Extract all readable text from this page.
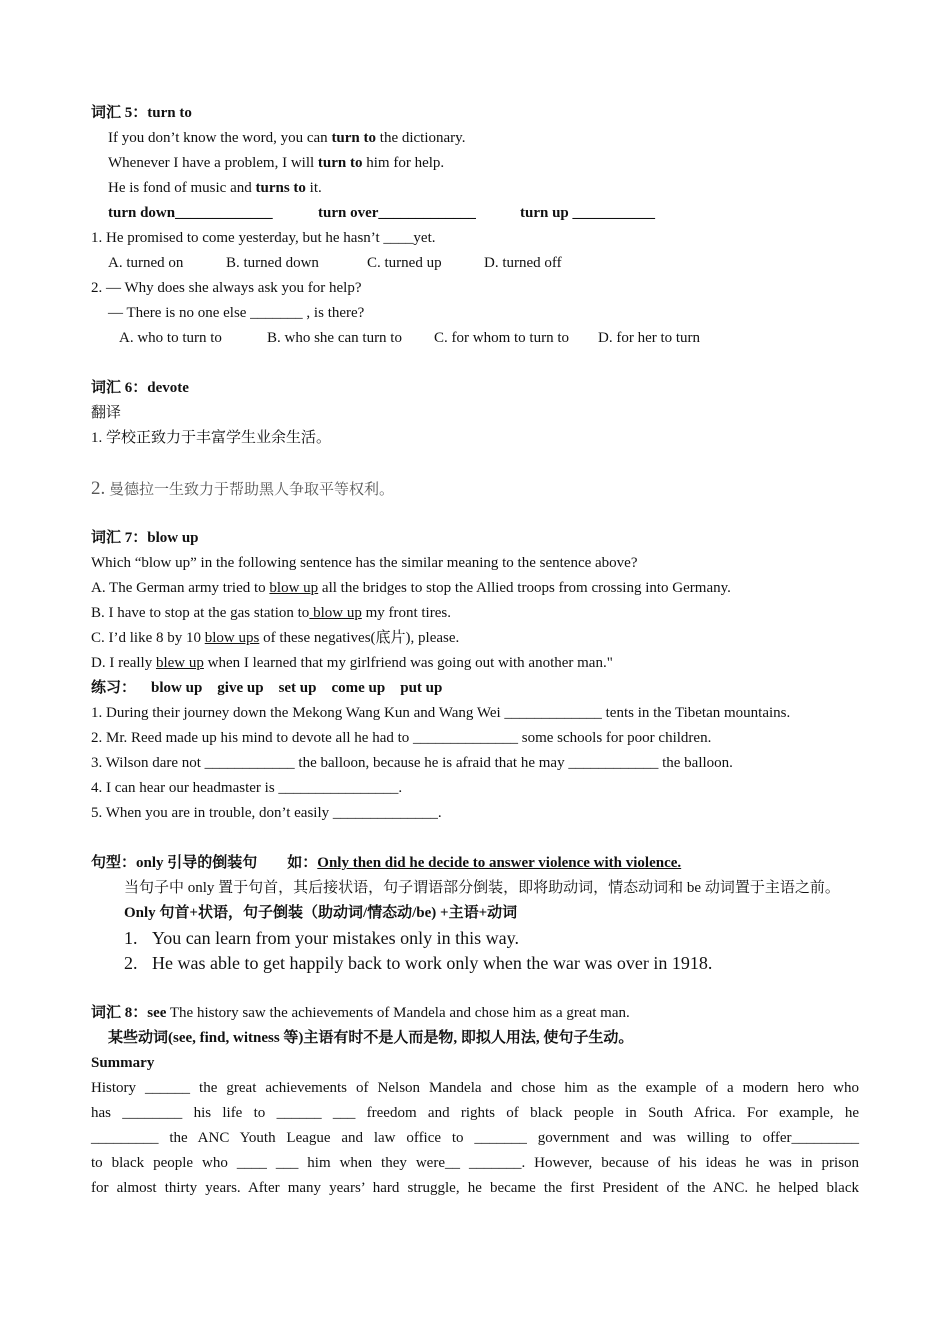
词汇 5：turn to
If you don’t know the word, you can turn to the dictionary.
Whenever I have a problem, I will turn to him for help.
He is fond of music and turns to it.
turn down_____________	turn over_____________	turn up ___________
1. He promised to come yesterday, but he hasn’t ____yet.
A. turned on	B. turned down	C. turned up	D. turned off
2. — Why does she always ask you for help?
— There is no one else _______ , is there?
A. who to turn to	B. who she can turn to C. for whom to turn to D. for her to turn
词汇 6：devote
翻译
1. 学校正致力于丰富学生业余生活。
2. 曼德拉一生致力于帮助黑人争取平等权利。
词汇 7：blow up
Which “blow up” in the following sentence has the similar meaning to the sentence above?
A. The German army tried to blow up all the bridges to stop the Allied troops from crossing into Germany.
B. I have to stop at the gas station to blow up my front tires.
C. I’d like 8 by 10 blow ups of these negatives(底片), please.
D. I really blew up when I learned that my girlfriend was going out with another man."
练习： blow up give up set up come up put up
1. During their journey down the Mekong Wang Kun and Wang Wei _____________ tents in the Tibetan mountains.
2. Mr. Reed made up his mind to devote all he had to ______________ some schools for poor children.
3. Wilson dare not ____________ the balloon, because he is afraid that he may ____________ the balloon.
4. I can hear our headmaster is ________________.
5. When you are in trouble, don’t easily ______________.
句型：only 引导的倒装句 如：Only then did he decide to answer violence with violence.
当句子中 only 置于句首，其后接状语，句子谓语部分倒装，即将助动词，情态动词和 be 动词置于主语之前。
Only 句首+状语，句子倒装（助动词/情态动/be) +主语+动词
1. You can learn from your mistakes only in this way.
2. He was able to get happily back to work only when the war was over in 1918.
词汇 8：see The history saw the achievements of Mandela and chose him as a great man.
某些动词(see, find, witness 等)主语有时不是人而是物, 即拟人用法, 使句子生动。
Summary
History ______ the great achievements of Nelson Mandela and chose him as the example of a modern hero who
has ________ his life to ______ ___ freedom and rights of black people in South Africa. For example, he
_________ the ANC Youth League and law office to _______ government and was willing to offer_________
to black people who ____ ___ him when they were__ _______. However, because of his ideas he was in prison
for almost thirty years. After many years’ hard struggle, he became the first President of the ANC. he helped black
